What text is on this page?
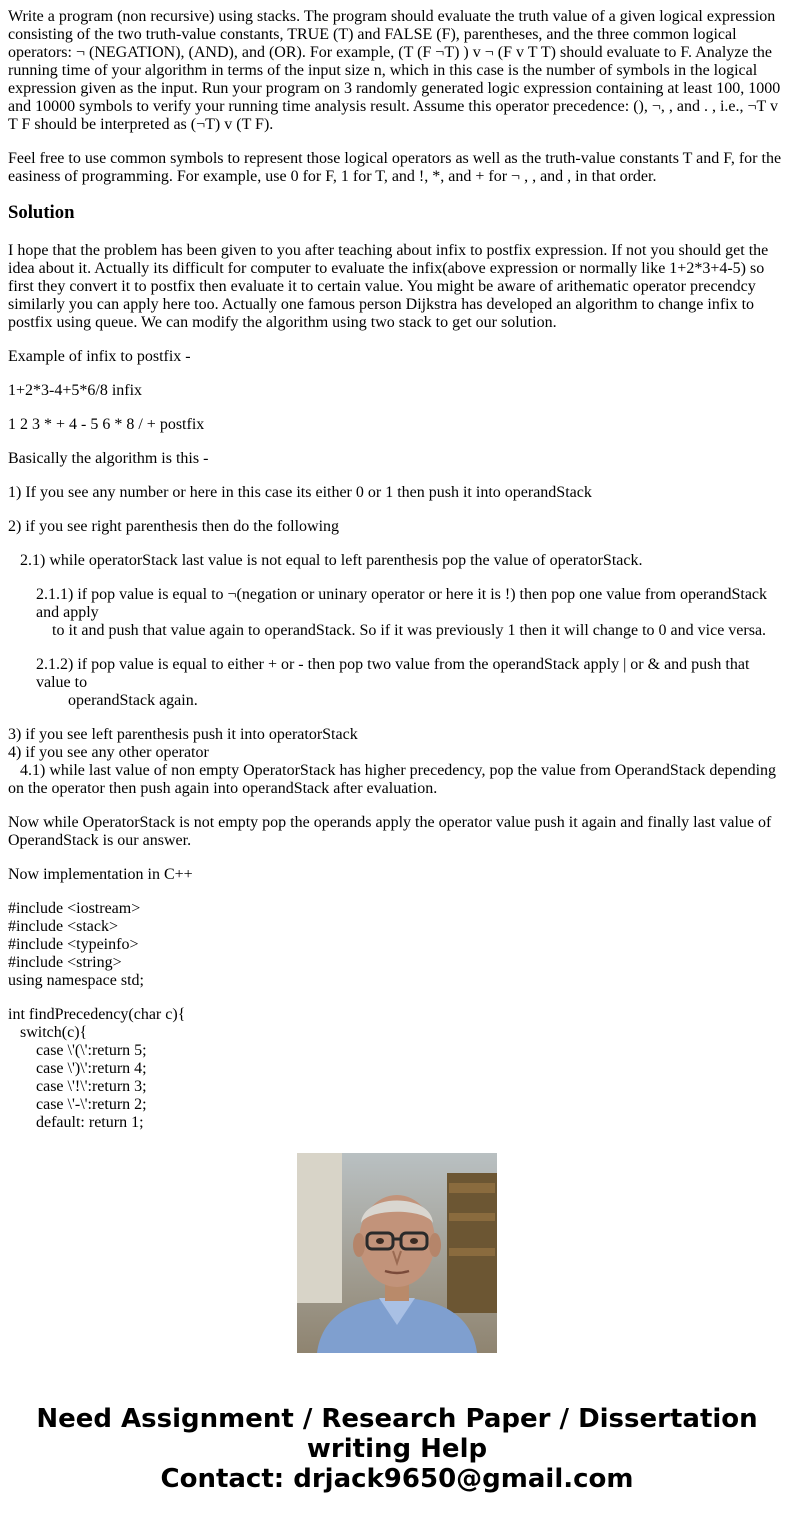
Write a program (non recursive) using stacks. The program should evaluate the truth value of a given logical expression consisting of the two truth-value constants, TRUE (T) and FALSE (F), parentheses, and the three common logical operators: ¬ (NEGATION), (AND), and (OR). For example, (T (F ¬T) ) v ¬ (F v T T) should evaluate to F. Analyze the running time of your algorithm in terms of the input size n, which in this case is the number of symbols in the logical expression given as the input. Run your program on 3 randomly generated logic expression containing at least 100, 1000 and 10000 symbols to verify your running time analysis result. Assume this operator precedence: (), ¬, , and . , i.e., ¬T v T F should be interpreted as (¬T) v (T F).

Feel free to use common symbols to represent those logical operators as well as the truth-value constants T and F, for the easiness of programming. For example, use 0 for F, 1 for T, and !, *, and + for ¬ , , and , in that order.

Solution

I hope that the problem has been given to you after teaching about infix to postfix expression. If not you should get the idea about it. Actually its difficult for computer to evaluate the infix(above expression or normally like 1+2*3+4-5) so first they convert it to postfix then evaluate it to certain value. You might be aware of arithematic operator precendcy similarly you can apply here too. Actually one famous person Dijkstra has developed an algorithm to change infix to postfix using queue. We can modify the algorithm using two stack to get our solution.

Example of infix to postfix -

1+2*3-4+5*6/8 infix

1 2 3 * + 4 - 5 6 * 8 / + postfix

Basically the algorithm is this -

1) If you see any number or here in this case its either 0 or 1 then push it into operandStack

2) if you see right parenthesis then do the following

2.1) while operatorStack last value is not equal to left parenthesis pop the value of operatorStack.

2.1.1) if pop value is equal to ¬(negation or uninary operator or here it is !) then pop one value from operandStack and apply
to it and push that value again to operandStack. So if it was previously 1 then it will change to 0 and vice versa.
2.1.2) if pop value is equal to either + or - then pop two value from the operandStack apply | or & and push that value to
operandStack again.
3) if you see left parenthesis push it into operatorStack
4) if you see any other operator
4.1) while last value of non empty OperatorStack has higher precedency, pop the value from OperandStack depending on the operator then push again into operandStack after evaluation.

Now while OperatorStack is not empty pop the operands apply the operator value push it again and finally last value of OperandStack is our answer.

Now implementation in C++

#include <iostream>
#include <stack>
#include <typeinfo>
#include <string>
using namespace std;
int findPrecedency(char c){
switch(c){
case \'(\':return 5;
case \')\':return 4;
case \'!\':return 3;
case \'-\':return 2;
default: return 1;
Need Assignment / Research Paper / Dissertation writing Help
Contact: drjack9650@gmail.com
